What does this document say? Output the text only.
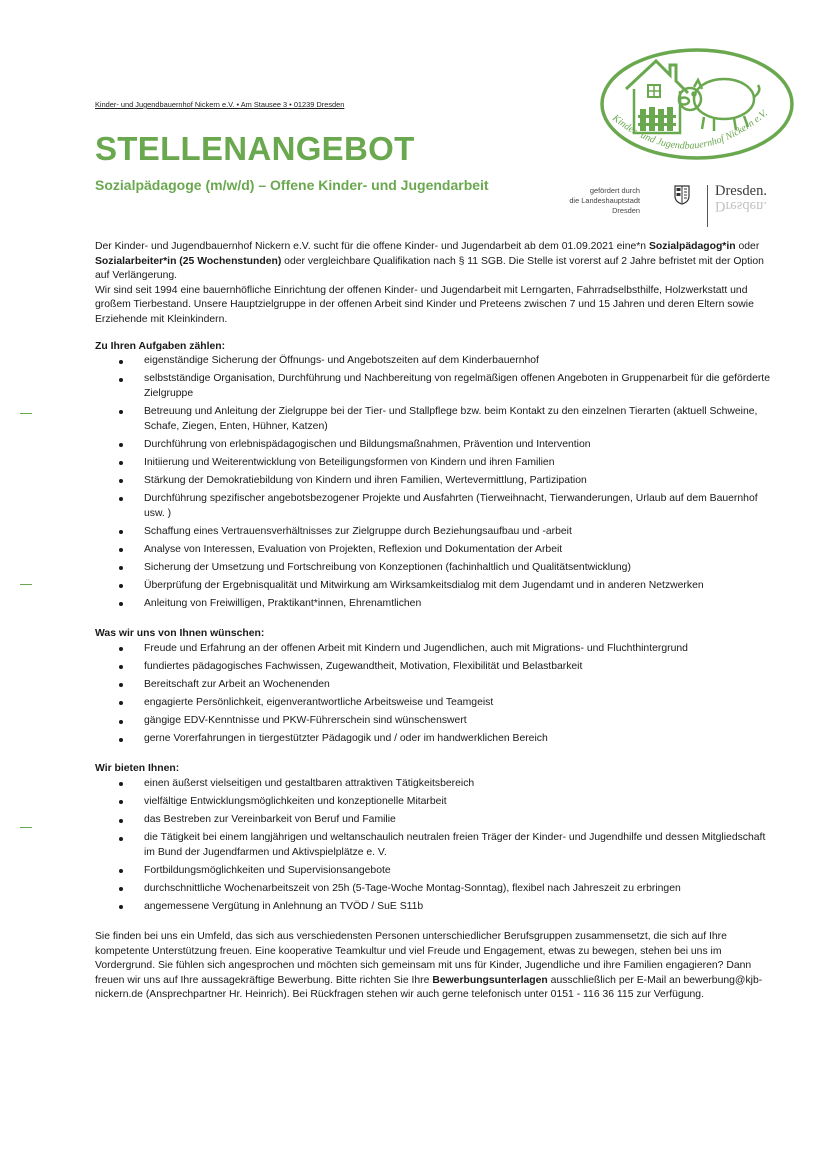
Kinder- und Jugendbauernhof Nickern e.V. • Am Stausee 3 • 01239 Dresden
STELLENANGEBOT
Sozialpädagoge (m/w/d) – Offene Kinder- und Jugendarbeit
Kinder- und Jugendbauernhof Nickern e.V.
gefördert durch
die Landeshauptstadt
Dresden
Dresden.
Dresden.

Der Kinder- und Jugendbauernhof Nickern e.V. sucht für die offene Kinder- und Jugendarbeit ab dem 01.09.2021 eine*n Sozialpädagog*in oder Sozialarbeiter*in (25 Wochenstunden) oder vergleichbare Qualifikation nach § 11 SGB. Die Stelle ist vorerst auf 2 Jahre befristet mit der Option auf Verlängerung.

Wir sind seit 1994 eine bauernhöfliche Einrichtung der offenen Kinder- und Jugendarbeit mit Lerngarten, Fahrradselbsthilfe, Holzwerkstatt und großem Tierbestand. Unsere Hauptzielgruppe in der offenen Arbeit sind Kinder und Preteens zwischen 7 und 15 Jahren und deren Eltern sowie Erziehende mit Kleinkindern.

Zu Ihren Aufgaben zählen:

eigenständige Sicherung der Öffnungs- und Angebotszeiten auf dem Kinderbauernhof
selbstständige Organisation, Durchführung und Nachbereitung von regelmäßigen offenen Angeboten in Gruppenarbeit für die geförderte Zielgruppe
Betreuung und Anleitung der Zielgruppe bei der Tier- und Stallpflege bzw. beim Kontakt zu den einzelnen Tierarten (aktuell Schweine, Schafe, Ziegen, Enten, Hühner, Katzen)
Durchführung von erlebnispädagogischen und Bildungsmaßnahmen, Prävention und Intervention
Initiierung und Weiterentwicklung von Beteiligungsformen von Kindern und ihren Familien
Stärkung der Demokratiebildung von Kindern und ihren Familien, Wertevermittlung, Partizipation
Durchführung spezifischer angebotsbezogener Projekte und Ausfahrten (Tierweihnacht, Tierwanderungen, Urlaub auf dem Bauernhof usw. )
Schaffung eines Vertrauensverhältnisses zur Zielgruppe durch Beziehungsaufbau und -arbeit
Analyse von Interessen, Evaluation von Projekten, Reflexion und Dokumentation der Arbeit
Sicherung der Umsetzung und Fortschreibung von Konzeptionen (fachinhaltlich und Qualitätsentwicklung)
Überprüfung der Ergebnisqualität und Mitwirkung am Wirksamkeitsdialog mit dem Jugendamt und in anderen Netzwerken
Anleitung von Freiwilligen, Praktikant*innen, Ehrenamtlichen

Was wir uns von Ihnen wünschen:

Freude und Erfahrung an der offenen Arbeit mit Kindern und Jugendlichen, auch mit Migrations- und Fluchthintergrund
fundiertes pädagogisches Fachwissen, Zugewandtheit, Motivation, Flexibilität und Belastbarkeit
Bereitschaft zur Arbeit an Wochenenden
engagierte Persönlichkeit, eigenverantwortliche Arbeitsweise und Teamgeist
gängige EDV-Kenntnisse und PKW-Führerschein sind wünschenswert
gerne Vorerfahrungen in tiergestützter Pädagogik und / oder im handwerklichen Bereich

Wir bieten Ihnen:

einen äußerst vielseitigen und gestaltbaren attraktiven Tätigkeitsbereich
vielfältige Entwicklungsmöglichkeiten und konzeptionelle Mitarbeit
das Bestreben zur Vereinbarkeit von Beruf und Familie
die Tätigkeit bei einem langjährigen und weltanschaulich neutralen freien Träger der Kinder- und Jugendhilfe und dessen Mitgliedschaft im Bund der Jugendfarmen und Aktivspielplätze e. V.
Fortbildungsmöglichkeiten und Supervisionsangebote
durchschnittliche Wochenarbeitszeit von 25h (5-Tage-Woche Montag-Sonntag), flexibel nach Jahreszeit zu erbringen
angemessene Vergütung in Anlehnung an TVÖD / SuE S11b

Sie finden bei uns ein Umfeld, das sich aus verschiedensten Personen unterschiedlicher Berufsgruppen zusammensetzt, die sich auf Ihre kompetente Unterstützung freuen. Eine kooperative Teamkultur und viel Freude und Engagement, etwas zu bewegen, stehen bei uns im Vordergrund. Sie fühlen sich angesprochen und möchten sich gemeinsam mit uns für Kinder, Jugendliche und ihre Familien engagieren? Dann freuen wir uns auf Ihre aussagekräftige Bewerbung. Bitte richten Sie Ihre Bewerbungsunterlagen ausschließlich per E-Mail an bewerbung@kjb-nickern.de (Ansprechpartner Hr. Heinrich). Bei Rückfragen stehen wir auch gerne telefonisch unter 0151 - 116 36 115 zur Verfügung.
